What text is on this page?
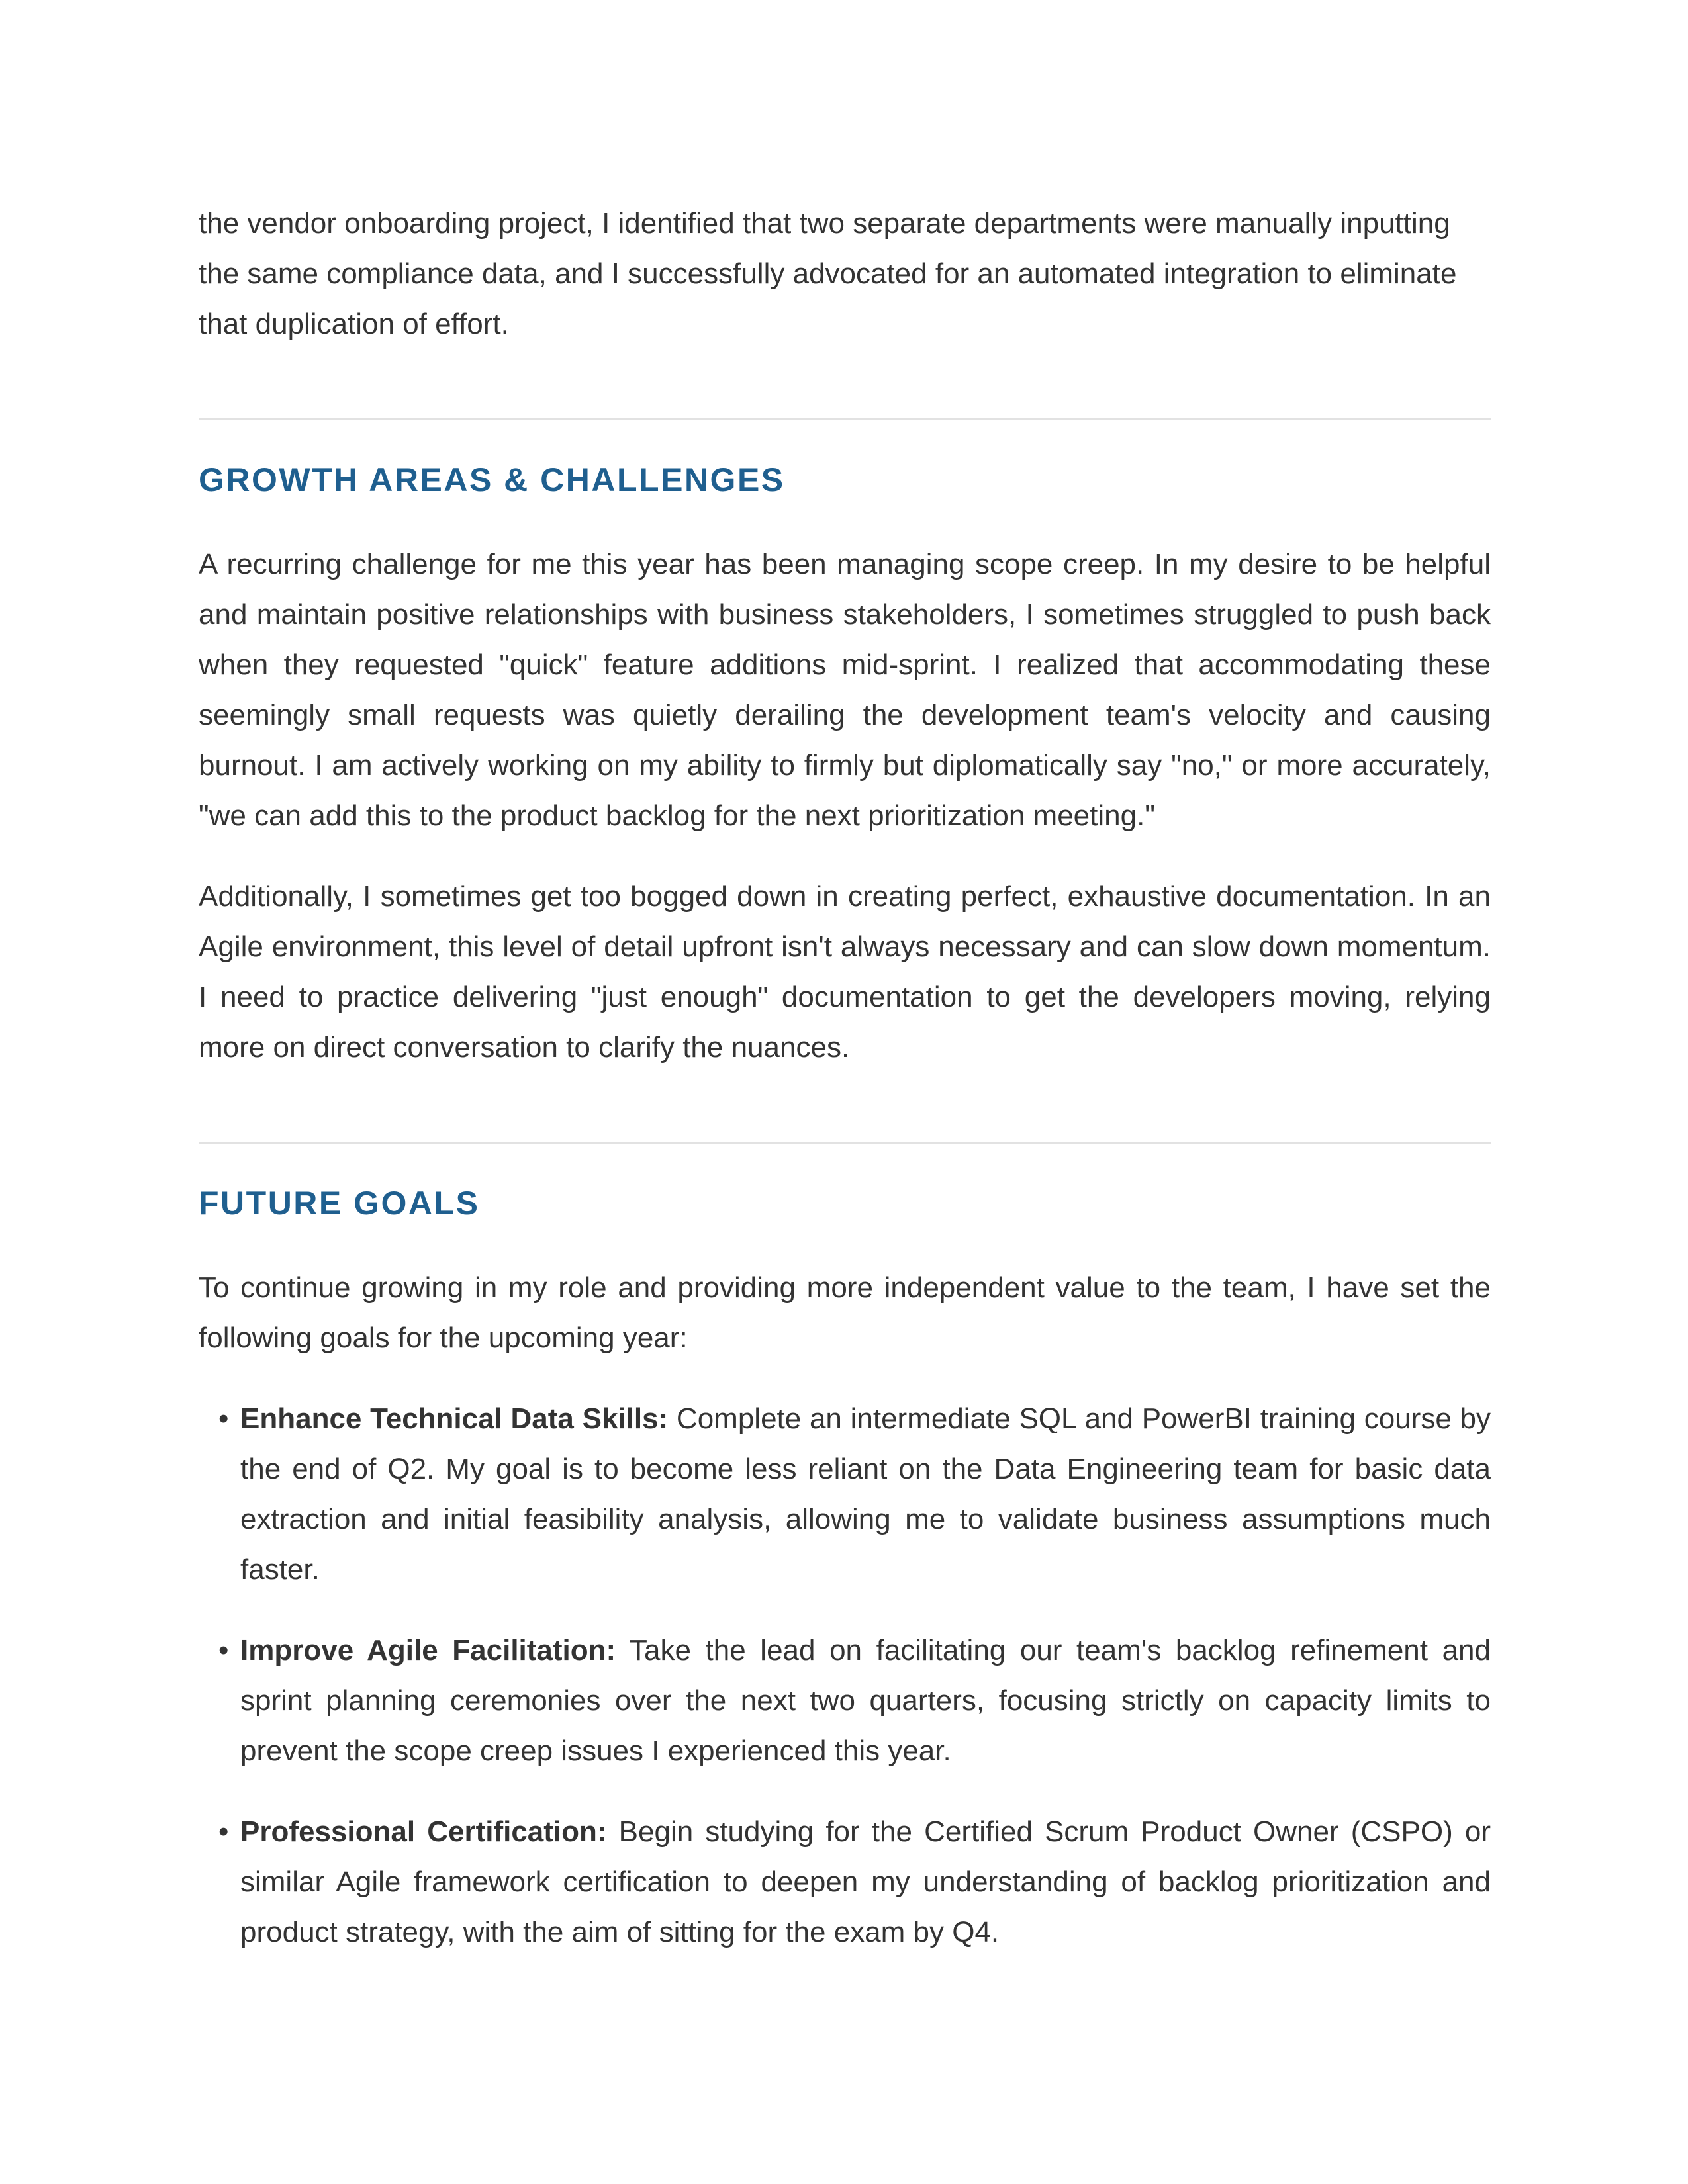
the vendor onboarding project, I identified that two separate departments were manually inputting the same compliance data, and I successfully advocated for an automated integration to eliminate that duplication of effort.

GROWTH AREAS & CHALLENGES

A recurring challenge for me this year has been managing scope creep. In my desire to be helpful and maintain positive relationships with business stakeholders, I sometimes struggled to push back when they requested "quick" feature additions mid-sprint. I realized that accommodating these seemingly small requests was quietly derailing the development team's velocity and causing burnout. I am actively working on my ability to firmly but diplomatically say "no," or more accurately, "we can add this to the product backlog for the next prioritization meeting."

Additionally, I sometimes get too bogged down in creating perfect, exhaustive documentation. In an Agile environment, this level of detail upfront isn't always necessary and can slow down momentum. I need to practice delivering "just enough" documentation to get the developers moving, relying more on direct conversation to clarify the nuances.

FUTURE GOALS

To continue growing in my role and providing more independent value to the team, I have set the following goals for the upcoming year:

• Enhance Technical Data Skills: Complete an intermediate SQL and PowerBI training course by the end of Q2. My goal is to become less reliant on the Data Engineering team for basic data extraction and initial feasibility analysis, allowing me to validate business assumptions much faster.
• Improve Agile Facilitation: Take the lead on facilitating our team's backlog refinement and sprint planning ceremonies over the next two quarters, focusing strictly on capacity limits to prevent the scope creep issues I experienced this year.
• Professional Certification: Begin studying for the Certified Scrum Product Owner (CSPO) or similar Agile framework certification to deepen my understanding of backlog prioritization and product strategy, with the aim of sitting for the exam by Q4.
